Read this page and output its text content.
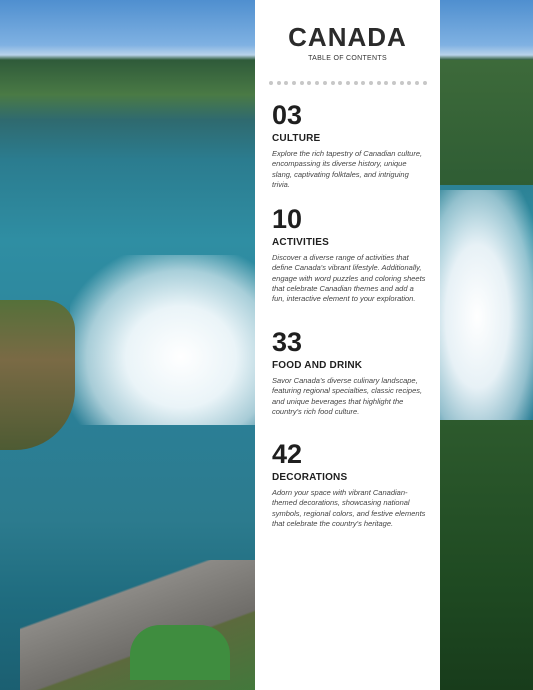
CANADA
TABLE OF CONTENTS
03
CULTURE
Explore the rich tapestry of Canadian culture, encompassing its diverse history, unique slang, captivating folktales, and intriguing trivia.
10
ACTIVITIES
Discover a diverse range of activities that define Canada's vibrant lifestyle. Additionally, engage with word puzzles and coloring sheets that celebrate Canadian themes and add a fun, interactive element to your exploration.
33
FOOD AND DRINK
Savor Canada's diverse culinary landscape, featuring regional specialties, classic recipes, and unique beverages that highlight the country's rich food culture.
42
DECORATIONS
Adorn your space with vibrant Canadian-themed decorations, showcasing national symbols, regional colors, and festive elements that celebrate the country's heritage.
